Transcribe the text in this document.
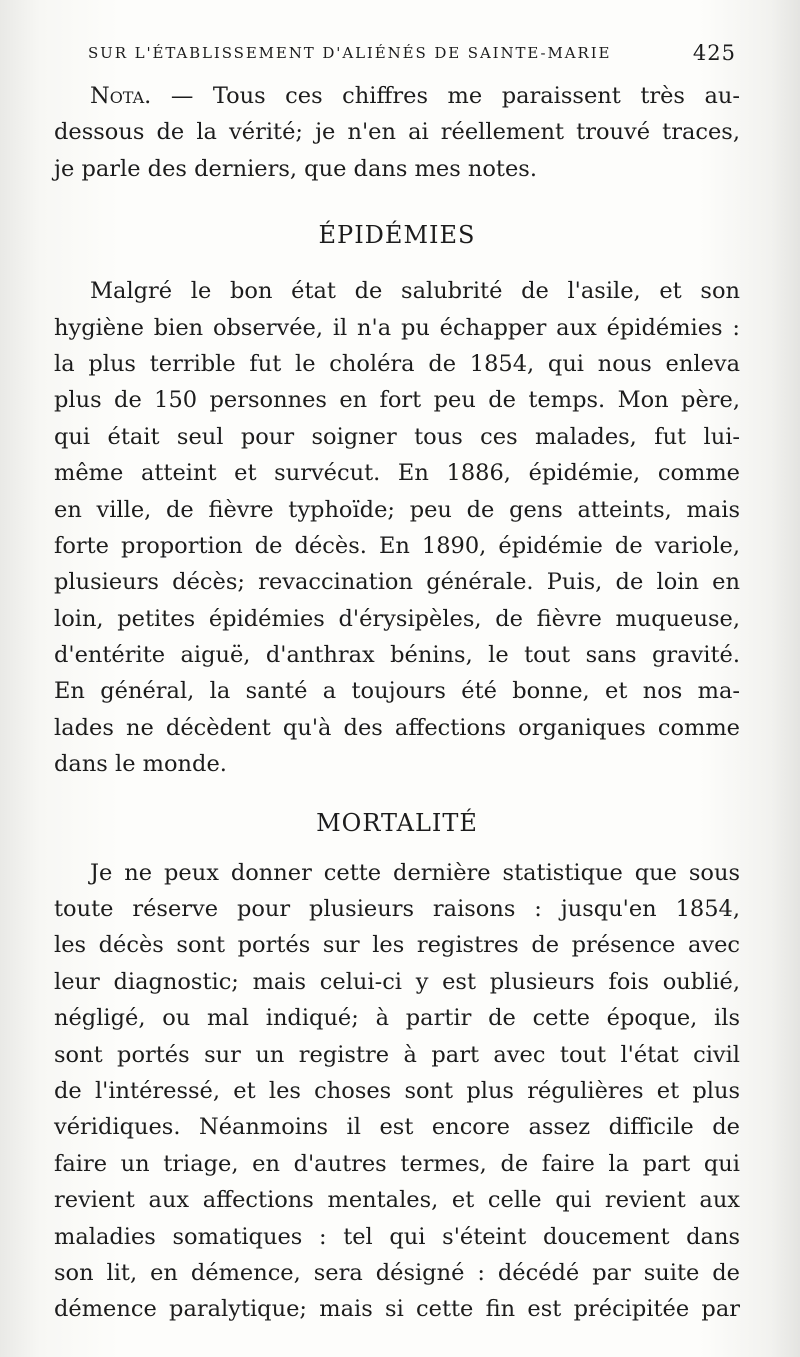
SUR L'ÉTABLISSEMENT D'ALIÉNÉS DE SAINTE-MARIE	425
Nota. — Tous ces chiffres me paraissent très au-
dessous de la vérité; je n'en ai réellement trouvé traces,
je parle des derniers, que dans mes notes.
ÉPIDÉMIES
Malgré le bon état de salubrité de l'asile, et son
hygiène bien observée, il n'a pu échapper aux épidémies :
la plus terrible fut le choléra de 1854, qui nous enleva
plus de 150 personnes en fort peu de temps. Mon père,
qui était seul pour soigner tous ces malades, fut lui-
même atteint et survécut. En 1886, épidémie, comme
en ville, de fièvre typhoïde; peu de gens atteints, mais
forte proportion de décès. En 1890, épidémie de variole,
plusieurs décès; revaccination générale. Puis, de loin en
loin, petites épidémies d'érysipèles, de fièvre muqueuse,
d'entérite aiguë, d'anthrax bénins, le tout sans gravité.
En général, la santé a toujours été bonne, et nos ma-
lades ne décèdent qu'à des affections organiques comme
dans le monde.
MORTALITÉ
Je ne peux donner cette dernière statistique que sous
toute réserve pour plusieurs raisons : jusqu'en 1854,
les décès sont portés sur les registres de présence avec
leur diagnostic; mais celui-ci y est plusieurs fois oublié,
négligé, ou mal indiqué; à partir de cette époque, ils
sont portés sur un registre à part avec tout l'état civil
de l'intéressé, et les choses sont plus régulières et plus
véridiques. Néanmoins il est encore assez difficile de
faire un triage, en d'autres termes, de faire la part qui
revient aux affections mentales, et celle qui revient aux
maladies somatiques : tel qui s'éteint doucement dans
son lit, en démence, sera désigné : décédé par suite de
démence paralytique; mais si cette fin est précipitée par
